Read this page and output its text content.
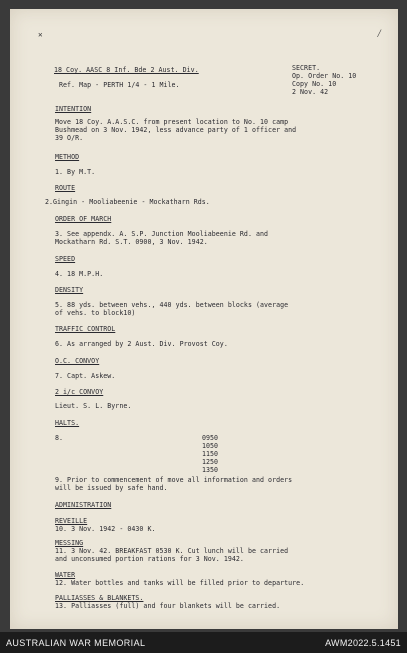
˟	⁄
18 Coy. AASC 8 Inf. Bde 2 Aust. Div.
Ref. Map - PERTH 1/4 - 1 Mile.
SECRET.
Op. Order No. 10
Copy No. 10
2 Nov. 42
INTENTION
Move 18 Coy. A.A.S.C. from present location to No. 10 camp
Bushmead on 3 Nov. 1942, less advance party of 1 officer and
39 O/R.
METHOD
1. By M.T.
ROUTE
2.Gingin - Mooliabeenie - Mockatharn Rds.
ORDER OF MARCH
3. See appendx. A. S.P. Junction Mooliabeenie Rd. and
Mockatharn Rd. S.T. 0900, 3 Nov. 1942.
SPEED
4. 18 M.P.H.
DENSITY
5. 88 yds. between vehs., 440 yds. between blocks (average
of vehs. to block10)
TRAFFIC CONTROL
6. As arranged by 2 Aust. Div. Provost Coy.
O.C. CONVOY
7. Capt. Askew.
2 i/c CONVOY
Lieut. S. L. Byrne.
HALTS.
8.	0950
1050
1150
1250
1350
9. Prior to commencement of move all information and orders
will be issued by safe hand.
ADMINISTRATION
REVEILLE
10. 3 Nov. 1942 - 0430 K.
MESSING
11. 3 Nov. 42. BREAKFAST 0530 K. Cut lunch will be carried
and unconsumed portion rations for 3 Nov. 1942.
WATER
12. Water bottles and tanks will be filled prior to departure.
PALLIASSES & BLANKETS.
13. Palliasses (full) and four blankets will be carried.
AUSTRALIAN WAR MEMORIAL	AWM2022.5.1451
